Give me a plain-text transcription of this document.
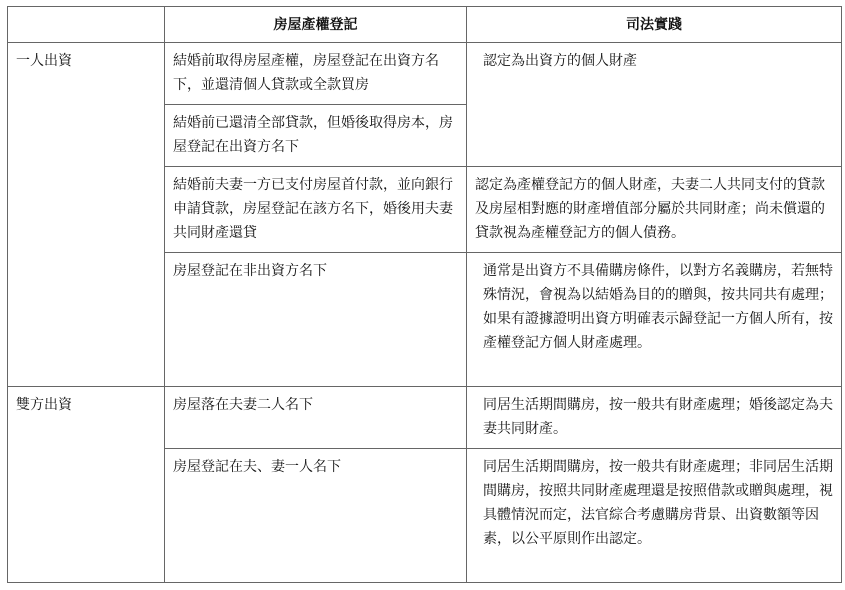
	房屋產權登記	司法實踐
一人出資	結婚前取得房屋產權，房屋登記在出資方名下，並還清個人貸款或全款買房	認定為出資方的個人財產
	結婚前已還清全部貸款，但婚後取得房本，房屋登記在出資方名下	
	結婚前夫妻一方已支付房屋首付款，並向銀行申請貸款，房屋登記在該方名下，婚後用夫妻共同財產還貸	認定為產權登記方的個人財產，夫妻二人共同支付的貸款及房屋相對應的財產增值部分屬於共同財產；尚未償還的貸款視為產權登記方的個人債務。
	房屋登記在非出資方名下	通常是出資方不具備購房條件，以對方名義購房，若無特殊情況，會視為以結婚為目的的贈與，按共同共有處理；如果有證據證明出資方明確表示歸登記一方個人所有，按產權登記方個人財產處理。
雙方出資	房屋落在夫妻二人名下	同居生活期間購房，按一般共有財產處理；婚後認定為夫妻共同財產。
	房屋登記在夫、妻一人名下	同居生活期間購房，按一般共有財產處理；非同居生活期間購房，按照共同財產處理還是按照借款或贈與處理，視具體情況而定，法官綜合考慮購房背景、出資數額等因素，以公平原則作出認定。
